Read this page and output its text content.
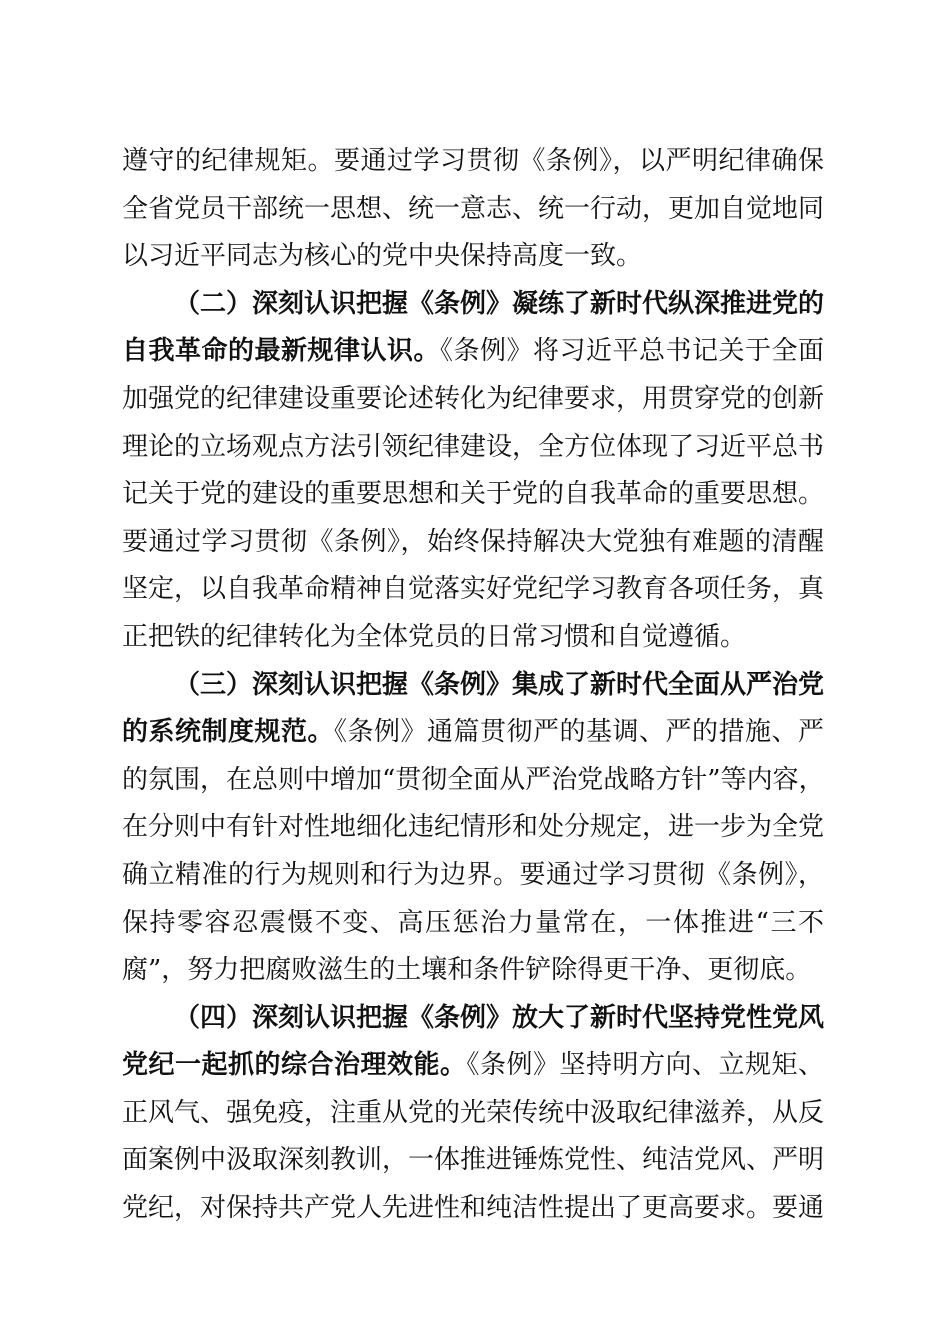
遵守的纪律规矩。要通过学习贯彻《条例》，以严明纪律确保
全省党员干部统一思想、统一意志、统一行动，更加自觉地同
以习近平同志为核心的党中央保持高度一致。
（二）深刻认识把握《条例》凝练了新时代纵深推进党的
自我革命的最新规律认识。《条例》将习近平总书记关于全面
加强党的纪律建设重要论述转化为纪律要求，用贯穿党的创新
理论的立场观点方法引领纪律建设，全方位体现了习近平总书
记关于党的建设的重要思想和关于党的自我革命的重要思想。
要通过学习贯彻《条例》，始终保持解决大党独有难题的清醒
坚定，以自我革命精神自觉落实好党纪学习教育各项任务，真
正把铁的纪律转化为全体党员的日常习惯和自觉遵循。
（三）深刻认识把握《条例》集成了新时代全面从严治党
的系统制度规范。《条例》通篇贯彻严的基调、严的措施、严
的氛围，在总则中增加“贯彻全面从严治党战略方针”等内容，
在分则中有针对性地细化违纪情形和处分规定，进一步为全党
确立精准的行为规则和行为边界。要通过学习贯彻《条例》，
保持零容忍震慑不变、高压惩治力量常在，一体推进“三不
腐”，努力把腐败滋生的土壤和条件铲除得更干净、更彻底。
（四）深刻认识把握《条例》放大了新时代坚持党性党风
党纪一起抓的综合治理效能。《条例》坚持明方向、立规矩、
正风气、强免疫，注重从党的光荣传统中汲取纪律滋养，从反
面案例中汲取深刻教训，一体推进锤炼党性、纯洁党风、严明
党纪，对保持共产党人先进性和纯洁性提出了更高要求。要通
